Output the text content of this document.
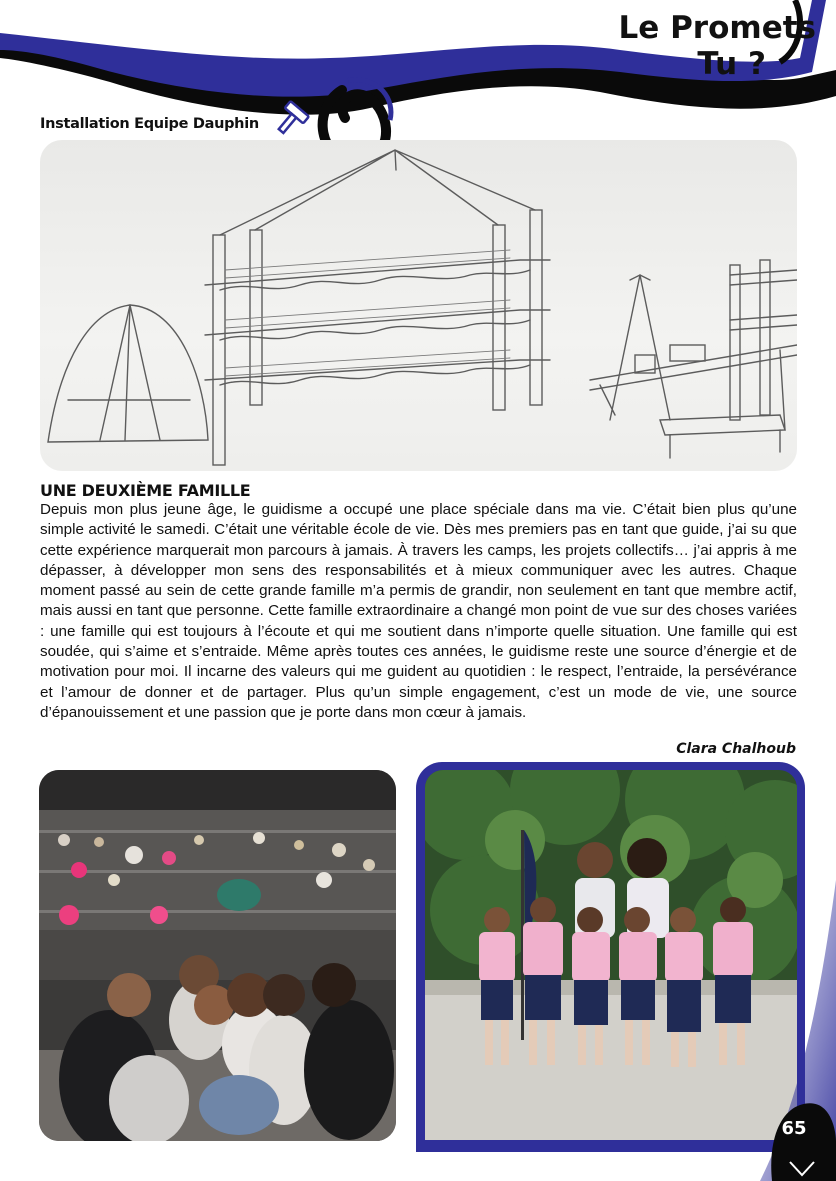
Le Promets
Tu ?
Installation Equipe Dauphin
UNE DEUXIÈME FAMILLE

Depuis mon plus jeune âge, le guidisme a occupé une place spéciale dans ma vie. C’était bien plus qu’une simple activité le samedi. C’était une véritable école de vie. Dès mes premiers pas en tant que guide, j’ai su que cette expérience marquerait mon parcours à jamais. À travers les camps, les projets collectifs… j’ai appris à me dépasser, à développer mon sens des responsabilités et à mieux communiquer avec les autres. Chaque moment passé au sein de cette grande famille m’a permis de grandir, non seulement en tant que membre actif, mais aussi en tant que personne. Cette famille extraordinaire a changé mon point de vue sur des choses variées : une famille qui est toujours à l’écoute et qui me soutient dans n’importe quelle situation. Une famille qui est soudée, qui s’aime et s’entraide. Même après toutes ces années, le guidisme reste une source d’énergie et de motivation pour moi. Il incarne des valeurs qui me guident au quotidien : le respect, l’entraide, la persévérance et l’amour de donner et de partager. Plus qu’un simple engagement, c’est un mode de vie, une source d’épanouissement et une passion que je porte dans mon cœur à jamais.

Clara Chalhoub
65
